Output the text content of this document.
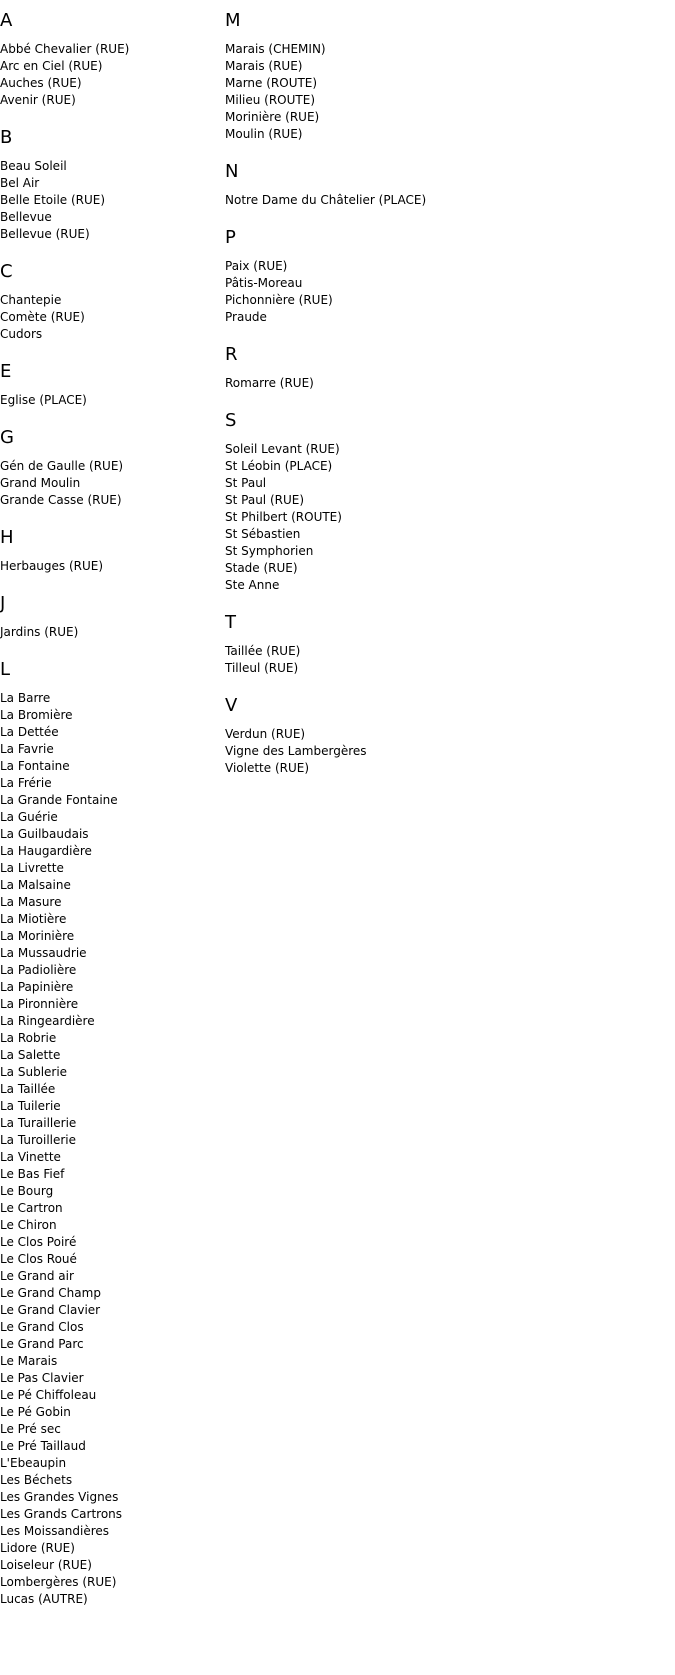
A
Abbé Chevalier (RUE)
Arc en Ciel (RUE)
Auches (RUE)
Avenir (RUE)
B
Beau Soleil
Bel Air
Belle Etoile (RUE)
Bellevue
Bellevue (RUE)
C
Chantepie
Comète (RUE)
Cudors
E
Eglise (PLACE)
G
Gén de Gaulle (RUE)
Grand Moulin
Grande Casse (RUE)
H
Herbauges (RUE)
J
Jardins (RUE)
L
La Barre
La Bromière
La Dettée
La Favrie
La Fontaine
La Frérie
La Grande Fontaine
La Guérie
La Guilbaudais
La Haugardière
La Livrette
La Malsaine
La Masure
La Miotière
La Morinière
La Mussaudrie
La Padiolière
La Papinière
La Pironnière
La Ringeardière
La Robrie
La Salette
La Sublerie
La Taillée
La Tuilerie
La Turaillerie
La Turoillerie
La Vinette
Le Bas Fief
Le Bourg
Le Cartron
Le Chiron
Le Clos Poiré
Le Clos Roué
Le Grand air
Le Grand Champ
Le Grand Clavier
Le Grand Clos
Le Grand Parc
Le Marais
Le Pas Clavier
Le Pé Chiffoleau
Le Pé Gobin
Le Pré sec
Le Pré Taillaud
L'Ebeaupin
Les Béchets
Les Grandes Vignes
Les Grands Cartrons
Les Moissandières
Lidore (RUE)
Loiseleur (RUE)
Lombergères (RUE)
Lucas (AUTRE)
M
Marais (CHEMIN)
Marais (RUE)
Marne (ROUTE)
Milieu (ROUTE)
Morinière (RUE)
Moulin (RUE)
N
Notre Dame du Châtelier (PLACE)
P
Paix (RUE)
Pâtis-Moreau
Pichonnière (RUE)
Praude
R
Romarre (RUE)
S
Soleil Levant (RUE)
St Léobin (PLACE)
St Paul
St Paul (RUE)
St Philbert (ROUTE)
St Sébastien
St Symphorien
Stade (RUE)
Ste Anne
T
Taillée (RUE)
Tilleul (RUE)
V
Verdun (RUE)
Vigne des Lambergères
Violette (RUE)
